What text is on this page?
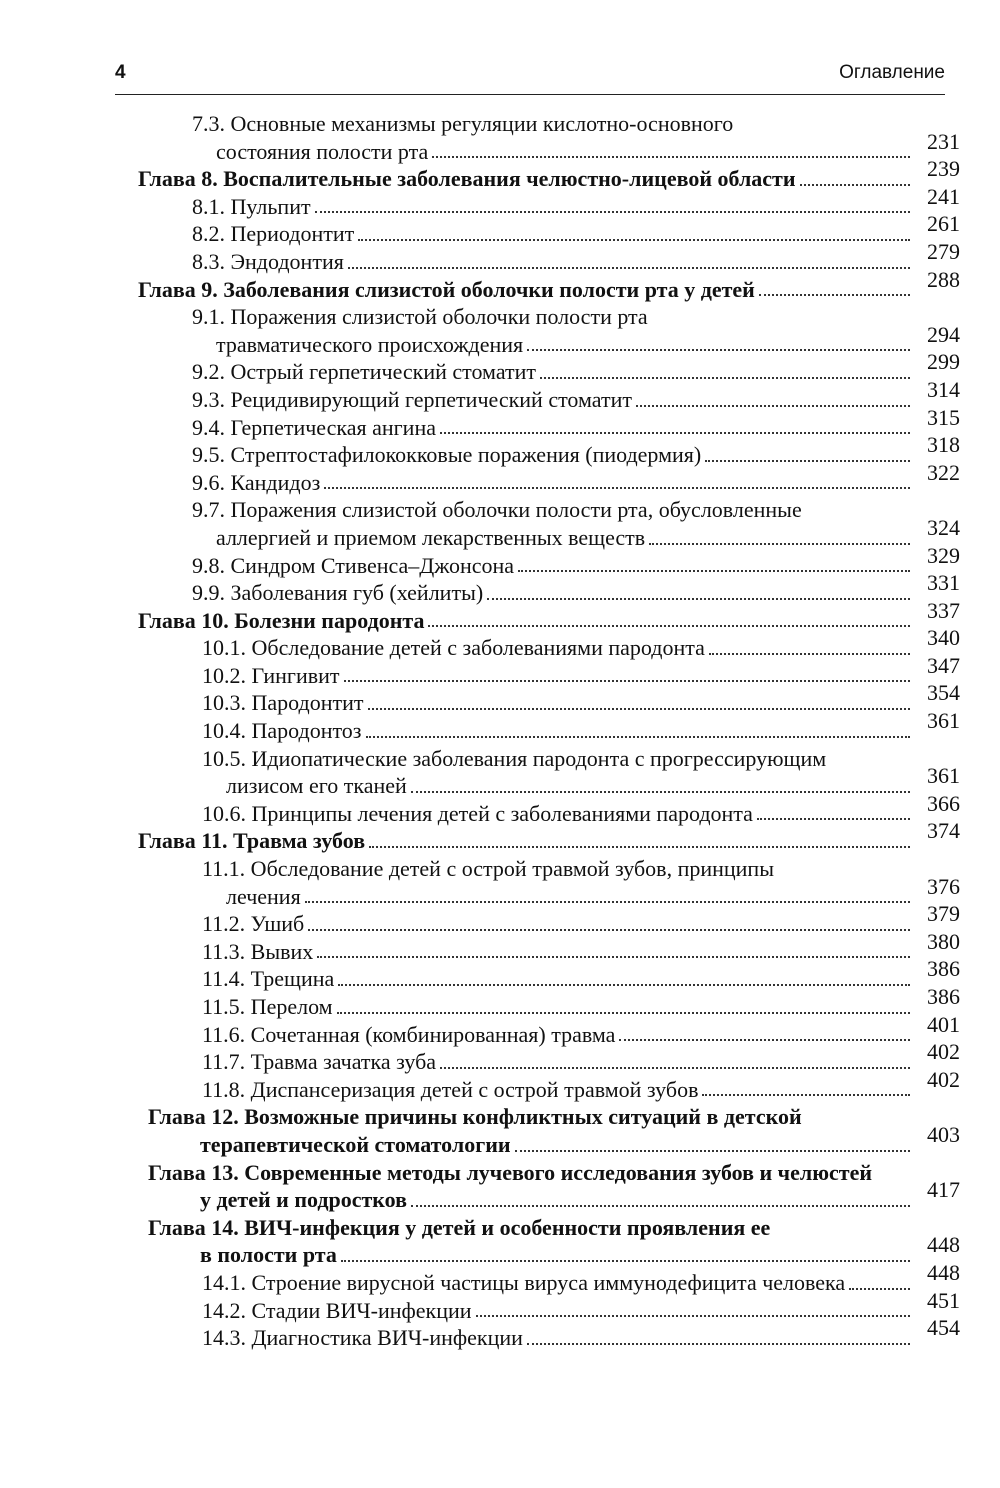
4	Оглавление
7.3. Основные механизмы регуляции кислотно-основного
состояния полости рта	231
Глава 8. Воспалительные заболевания челюстно-лицевой области	239
8.1. Пульпит	241
8.2. Периодонтит	261
8.3. Эндодонтия	279
Глава 9. Заболевания слизистой оболочки полости рта у детей	288
9.1. Поражения слизистой оболочки полости рта
травматического происхождения	294
9.2. Острый герпетический стоматит	299
9.3. Рецидивирующий герпетический стоматит	314
9.4. Герпетическая ангина	315
9.5. Стрептостафилококковые поражения (пиодермия)	318
9.6. Кандидоз	322
9.7. Поражения слизистой оболочки полости рта, обусловленные
аллергией и приемом лекарственных веществ	324
9.8. Синдром Стивенса–Джонсона	329
9.9. Заболевания губ (хейлиты)	331
Глава 10. Болезни пародонта	337
10.1. Обследование детей с заболеваниями пародонта	340
10.2. Гингивит	347
10.3. Пародонтит	354
10.4. Пародонтоз	361
10.5. Идиопатические заболевания пародонта с прогрессирующим
лизисом его тканей	361
10.6. Принципы лечения детей с заболеваниями пародонта	366
Глава 11. Травма зубов	374
11.1. Обследование детей с острой травмой зубов, принципы
лечения	376
11.2. Ушиб	379
11.3. Вывих	380
11.4. Трещина	386
11.5. Перелом	386
11.6. Сочетанная (комбинированная) травма	401
11.7. Травма зачатка зуба	402
11.8. Диспансеризация детей с острой травмой зубов	402
Глава 12. Возможные причины конфликтных ситуаций в детской
терапевтической стоматологии	403
Глава 13. Современные методы лучевого исследования зубов и челюстей
у детей и подростков	417
Глава 14. ВИЧ-инфекция у детей и особенности проявления ее
в полости рта	448
14.1. Строение вирусной частицы вируса иммунодефицита человека	448
14.2. Стадии ВИЧ-инфекции	451
14.3. Диагностика ВИЧ-инфекции	454
